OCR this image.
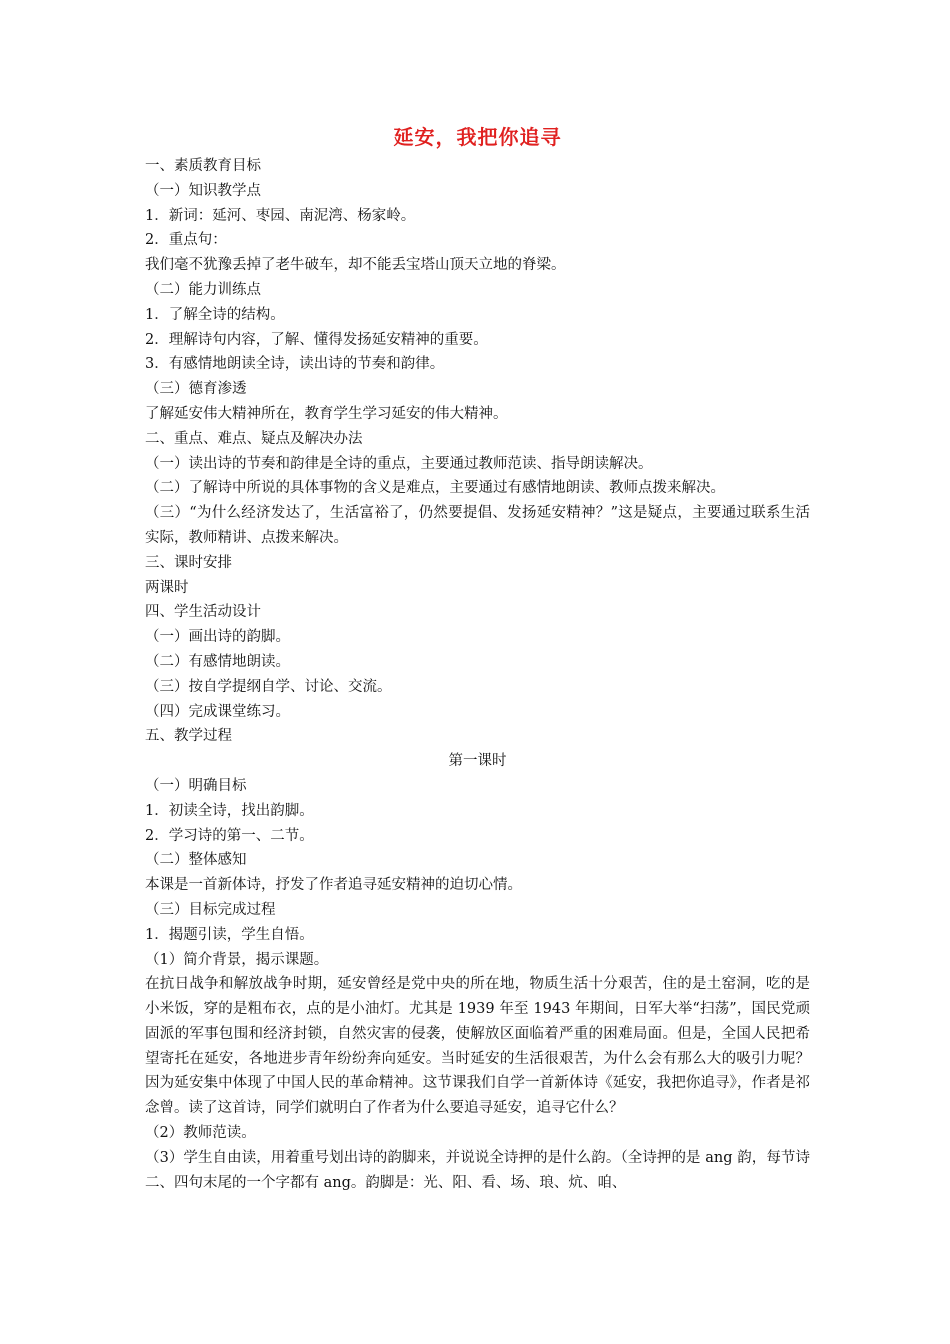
延安，我把你追寻
一、素质教育目标
（一）知识教学点
1．新词：延河、枣园、南泥湾、杨家岭。
2．重点句：
我们毫不犹豫丢掉了老牛破车，却不能丢宝塔山顶天立地的脊梁。
（二）能力训练点
1．了解全诗的结构。
2．理解诗句内容，了解、懂得发扬延安精神的重要。
3．有感情地朗读全诗，读出诗的节奏和韵律。
（三）德育渗透
了解延安伟大精神所在，教育学生学习延安的伟大精神。
二、重点、难点、疑点及解决办法
（一）读出诗的节奏和韵律是全诗的重点，主要通过教师范读、指导朗读解决。
（二）了解诗中所说的具体事物的含义是难点，主要通过有感情地朗读、教师点拨来解决。
（三）“为什么经济发达了，生活富裕了，仍然要提倡、发扬延安精神？”这是疑点，主要通过联系生活实际，教师精讲、点拨来解决。
三、课时安排
两课时
四、学生活动设计
（一）画出诗的韵脚。
（二）有感情地朗读。
（三）按自学提纲自学、讨论、交流。
（四）完成课堂练习。
五、教学过程
第一课时
（一）明确目标
1．初读全诗，找出韵脚。
2．学习诗的第一、二节。
（二）整体感知
本课是一首新体诗，抒发了作者追寻延安精神的迫切心情。
（三）目标完成过程
1．揭题引读，学生自悟。
（1）简介背景，揭示课题。
在抗日战争和解放战争时期，延安曾经是党中央的所在地，物质生活十分艰苦，住的是土窑洞，吃的是小米饭，穿的是粗布衣，点的是小油灯。尤其是 1939 年至 1943 年期间，日军大举“扫荡”，国民党顽固派的军事包围和经济封锁，自然灾害的侵袭，使解放区面临着严重的困难局面。但是，全国人民把希望寄托在延安，各地进步青年纷纷奔向延安。当时延安的生活很艰苦，为什么会有那么大的吸引力呢？因为延安集中体现了中国人民的革命精神。这节课我们自学一首新体诗《延安，我把你追寻》，作者是祁念曾。读了这首诗，同学们就明白了作者为什么要追寻延安，追寻它什么？
（2）教师范读。
（3）学生自由读，用着重号划出诗的韵脚来，并说说全诗押的是什么韵。（全诗押的是 ang 韵，每节诗二、四句末尾的一个字都有 ang。韵脚是：光、阳、看、场、琅、炕、咱、
